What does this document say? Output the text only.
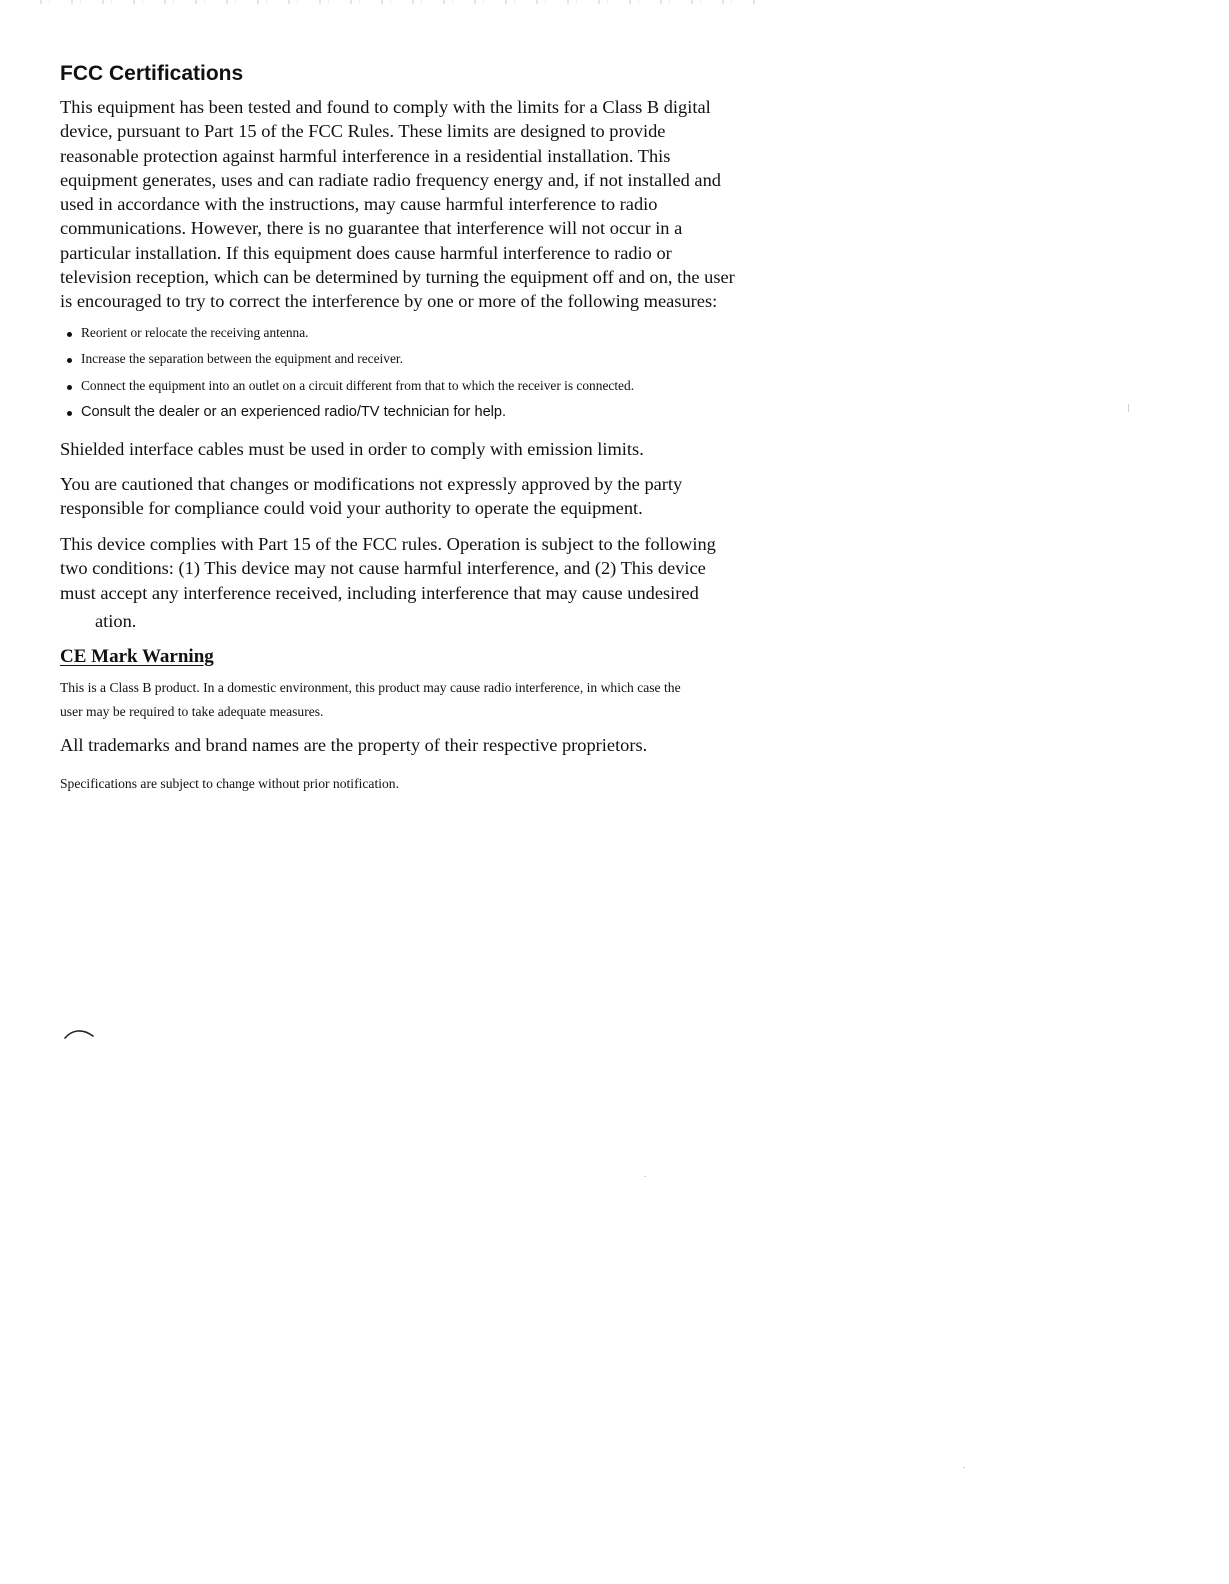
FCC Certifications

This equipment has been tested and found to comply with the limits for a Class B digital
device, pursuant to Part 15 of the FCC Rules. These limits are designed to provide
reasonable protection against harmful interference in a residential installation. This
equipment generates, uses and can radiate radio frequency energy and, if not installed and
used in accordance with the instructions, may cause harmful interference to radio
communications. However, there is no guarantee that interference will not occur in a
particular installation. If this equipment does cause harmful interference to radio or
television reception, which can be determined by turning the equipment off and on, the user
is encouraged to try to correct the interference by one or more of the following measures:

Reorient or relocate the receiving antenna.
Increase the separation between the equipment and receiver.
Connect the equipment into an outlet on a circuit different from that to which the receiver is connected.
Consult the dealer or an experienced radio/TV technician for help.

Shielded interface cables must be used in order to comply with emission limits.

You are cautioned that changes or modifications not expressly approved by the party
responsible for compliance could void your authority to operate the equipment.

This device complies with Part 15 of the FCC rules. Operation is subject to the following
two conditions: (1) This device may not cause harmful interference, and (2) This device
must accept any interference received, including interference that may cause undesired
ation.

CE Mark Warning

This is a Class B product. In a domestic environment, this product may cause radio interference, in which case the
user may be required to take adequate measures.

All trademarks and brand names are the property of their respective proprietors.

Specifications are subject to change without prior notification.
